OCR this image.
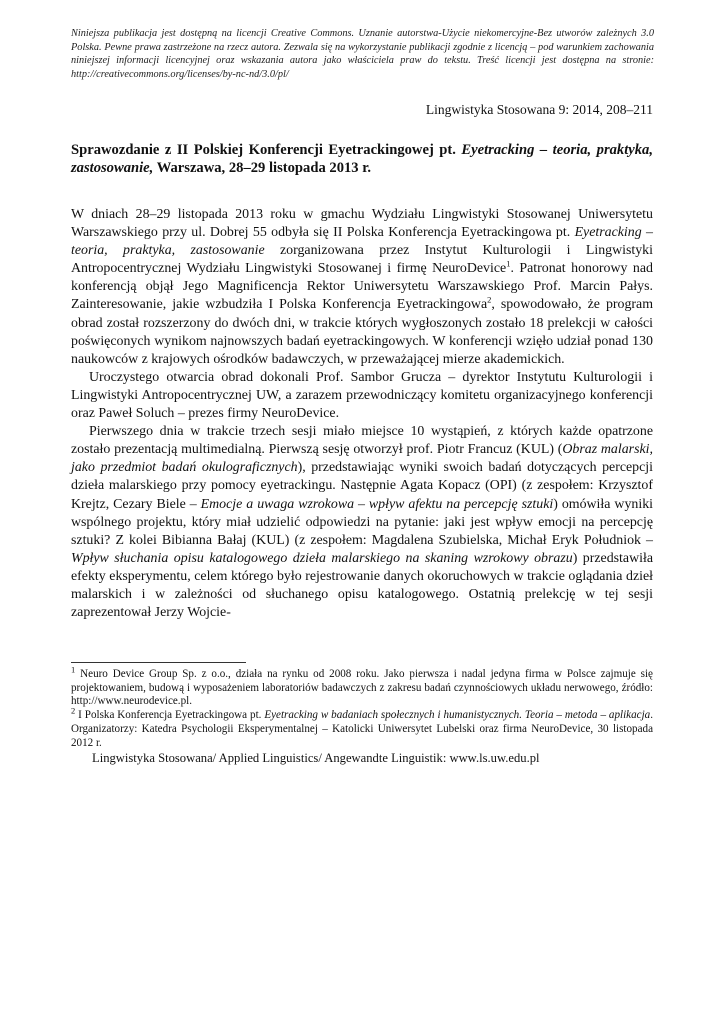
Niniejsza publikacja jest dostępną na licencji Creative Commons. Uznanie autorstwa-Użycie niekomercyjne-Bez utworów zależnych 3.0 Polska. Pewne prawa zastrzeżone na rzecz autora. Zezwala się na wykorzystanie publikacji zgodnie z licencją – pod warunkiem zachowania niniejszej informacji licencyjnej oraz wskazania autora jako właściciela praw do tekstu. Treść licencji jest dostępna na stronie: http://creativecommons.org/licenses/by-nc-nd/3.0/pl/
Lingwistyka Stosowana 9: 2014, 208–211
Sprawozdanie z II Polskiej Konferencji Eyetrackingowej pt. Eyetracking – teoria, praktyka, zastosowanie, Warszawa, 28–29 listopada 2013 r.

W dniach 28–29 listopada 2013 roku w gmachu Wydziału Lingwistyki Stosowanej Uniwersytetu Warszawskiego przy ul. Dobrej 55 odbyła się II Polska Konferencja Eyetrackingowa pt. Eyetracking – teoria, praktyka, zastosowanie zorganizowana przez Instytut Kulturologii i Lingwistyki Antropocentrycznej Wydziału Lingwistyki Stosowanej i firmę NeuroDevice$^1$. Patronat honorowy nad konferencją objął Jego Magnificencja Rektor Uniwersytetu Warszawskiego Prof. Marcin Pałys. Zainteresowanie, jakie wzbudziła I Polska Konferencja Eyetrackingowa$^2$, spowodowało, że program obrad został rozszerzony do dwóch dni, w trakcie których wygłoszonych zostało 18 prelekcji w całości poświęconych wynikom najnowszych badań eyetrackingowych. W konferencji wzięło udział ponad 130 naukowców z krajowych ośrodków badawczych, w przeważającej mierze akademickich.

Uroczystego otwarcia obrad dokonali Prof. Sambor Grucza – dyrektor Instytutu Kulturologii i Lingwistyki Antropocentrycznej UW, a zarazem przewodniczący komitetu organizacyjnego konferencji oraz Paweł Soluch – prezes firmy NeuroDevice.

Pierwszego dnia w trakcie trzech sesji miało miejsce 10 wystąpień, z których każde opatrzone zostało prezentacją multimedialną. Pierwszą sesję otworzył prof. Piotr Francuz (KUL) (Obraz malarski, jako przedmiot badań okulograficznych), przedstawiając wyniki swoich badań dotyczących percepcji dzieła malarskiego przy pomocy eyetrackingu. Następnie Agata Kopacz (OPI) (z zespołem: Krzysztof Krejtz, Cezary Biele – Emocje a uwaga wzrokowa – wpływ afektu na percepcję sztuki) omówiła wyniki wspólnego projektu, który miał udzielić odpowiedzi na pytanie: jaki jest wpływ emocji na percepcję sztuki? Z kolei Bibianna Bałaj (KUL) (z zespołem: Magdalena Szubielska, Michał Eryk Południok – Wpływ słuchania opisu katalogowego dzieła malarskiego na skaning wzrokowy obrazu) przedstawiła efekty eksperymentu, celem którego było rejestrowanie danych okoruchowych w trakcie oglądania dzieł malarskich i w zależności od słuchanego opisu katalogowego. Ostatnią prelekcję w tej sesji zaprezentował Jerzy Wojcie-

$^1$ Neuro Device Group Sp. z o.o., działa na rynku od 2008 roku. Jako pierwsza i nadal jedyna firma w Polsce zajmuje się projektowaniem, budową i wyposażeniem laboratoriów badawczych z zakresu badań czynnościowych układu nerwowego, źródło: http://www.neurodevice.pl.

$^2$ I Polska Konferencja Eyetrackingowa pt. Eyetracking w badaniach społecznych i humanistycznych. Teoria – metoda – aplikacja. Organizatorzy: Katedra Psychologii Eksperymentalnej – Katolicki Uniwersytet Lubelski oraz firma NeuroDevice, 30 listopada 2012 r.

Lingwistyka Stosowana/ Applied Linguistics/ Angewandte Linguistik: www.ls.uw.edu.pl
